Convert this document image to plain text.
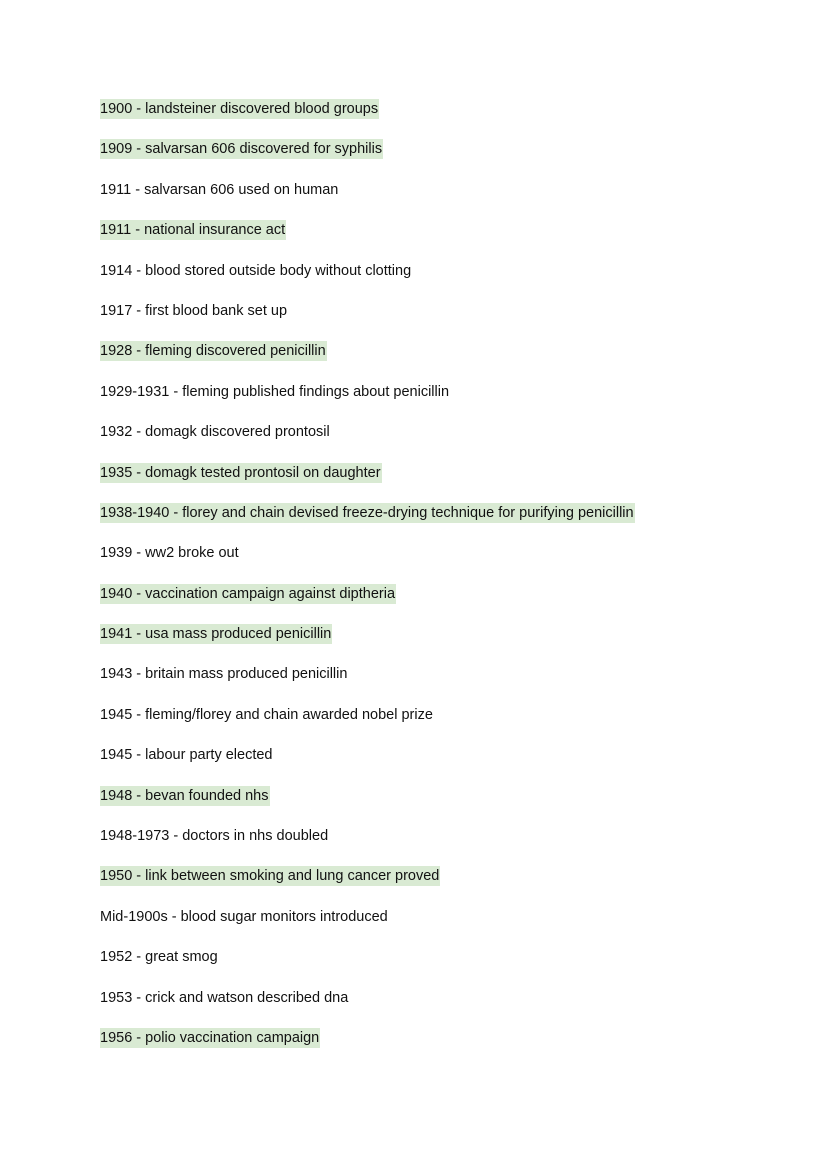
1900 - landsteiner discovered blood groups
1909 - salvarsan 606 discovered for syphilis
1911 - salvarsan 606 used on human
1911 - national insurance act
1914 - blood stored outside body without clotting
1917 - first blood bank set up
1928 - fleming discovered penicillin
1929-1931 - fleming published findings about penicillin
1932 - domagk discovered prontosil
1935 - domagk tested prontosil on daughter
1938-1940 - florey and chain devised freeze-drying technique for purifying penicillin
1939 - ww2 broke out
1940 - vaccination campaign against diptheria
1941 - usa mass produced penicillin
1943 - britain mass produced penicillin
1945 - fleming/florey and chain awarded nobel prize
1945 - labour party elected
1948 - bevan founded nhs
1948-1973 - doctors in nhs doubled
1950 - link between smoking and lung cancer proved
Mid-1900s - blood sugar monitors introduced
1952 - great smog
1953 - crick and watson described dna
1956 - polio vaccination campaign
